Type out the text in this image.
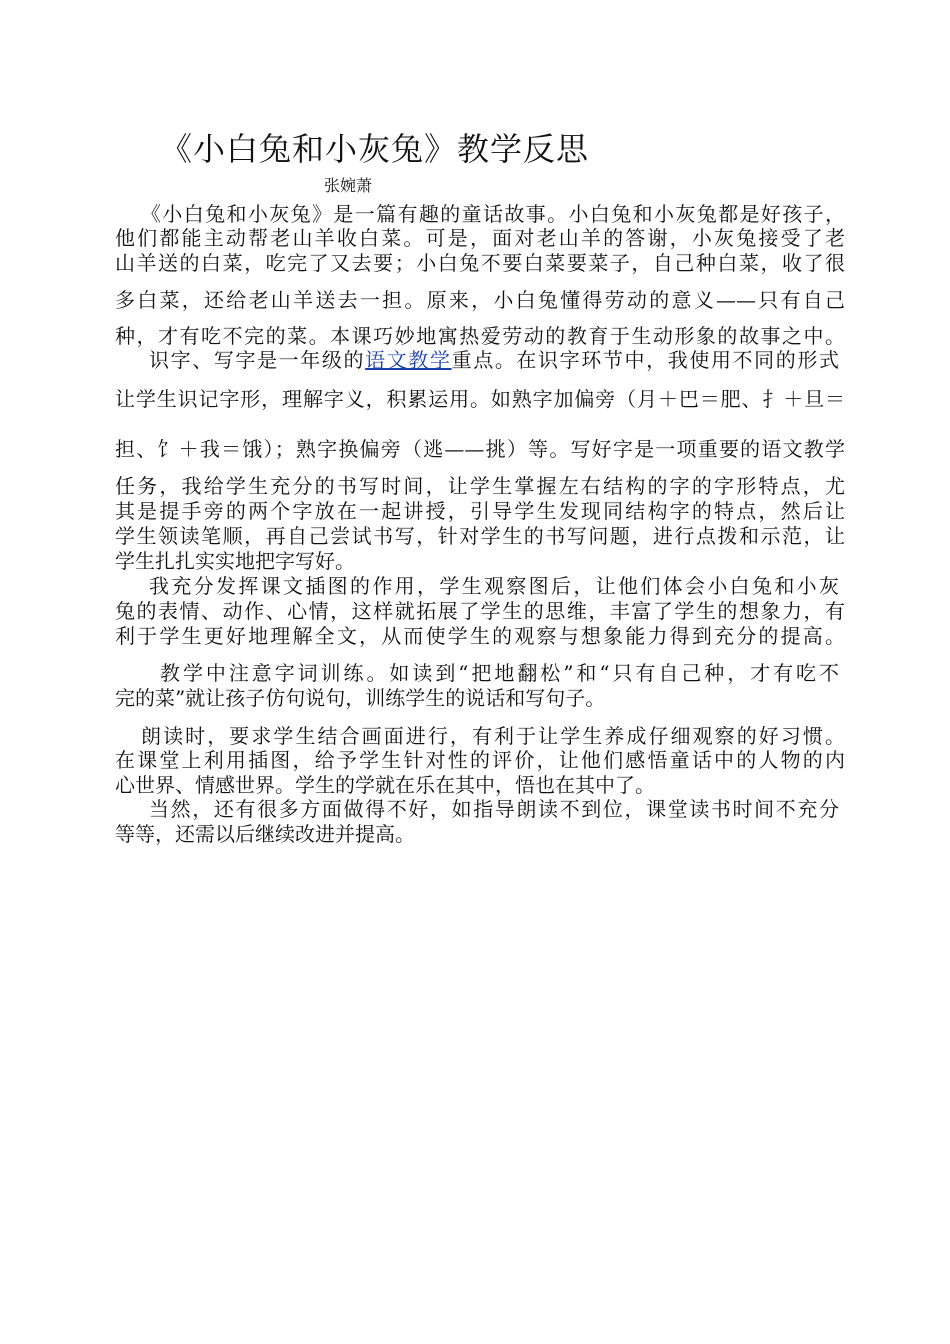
《小白兔和小灰兔》教学反思
张婉萧
《小白兔和小灰兔》是一篇有趣的童话故事。小白兔和小灰兔都是好孩子，
他们都能主动帮老山羊收白菜。可是，面对老山羊的答谢，小灰兔接受了老
山羊送的白菜，吃完了又去要；小白兔不要白菜要菜子，自己种白菜，收了很
多白菜，还给老山羊送去一担。原来，小白兔懂得劳动的意义——只有自己
种，才有吃不完的菜。本课巧妙地寓热爱劳动的教育于生动形象的故事之中。
识字、写字是一年级的语文教学重点。在识字环节中，我使用不同的形式
让学生识记字形，理解字义，积累运用。如熟字加偏旁（月＋巴＝肥、扌＋旦＝
担、饣＋我＝饿）；熟字换偏旁（逃——挑）等。写好字是一项重要的语文教学
任务，我给学生充分的书写时间，让学生掌握左右结构的字的字形特点，尤
其是提手旁的两个字放在一起讲授，引导学生发现同结构字的特点，然后让
学生领读笔顺，再自己尝试书写，针对学生的书写问题，进行点拨和示范，让
学生扎扎实实地把字写好。
我充分发挥课文插图的作用，学生观察图后，让他们体会小白兔和小灰
兔的表情、动作、心情，这样就拓展了学生的思维，丰富了学生的想象力，有
利于学生更好地理解全文，从而使学生的观察与想象能力得到充分的提高。
教学中注意字词训练。如读到“把地翻松”和“只有自己种，才有吃不
完的菜”就让孩子仿句说句，训练学生的说话和写句子。
朗读时，要求学生结合画面进行，有利于让学生养成仔细观察的好习惯。
在课堂上利用插图，给予学生针对性的评价，让他们感悟童话中的人物的内
心世界、情感世界。学生的学就在乐在其中，悟也在其中了。
当然，还有很多方面做得不好，如指导朗读不到位，课堂读书时间不充分
等等，还需以后继续改进并提高。
